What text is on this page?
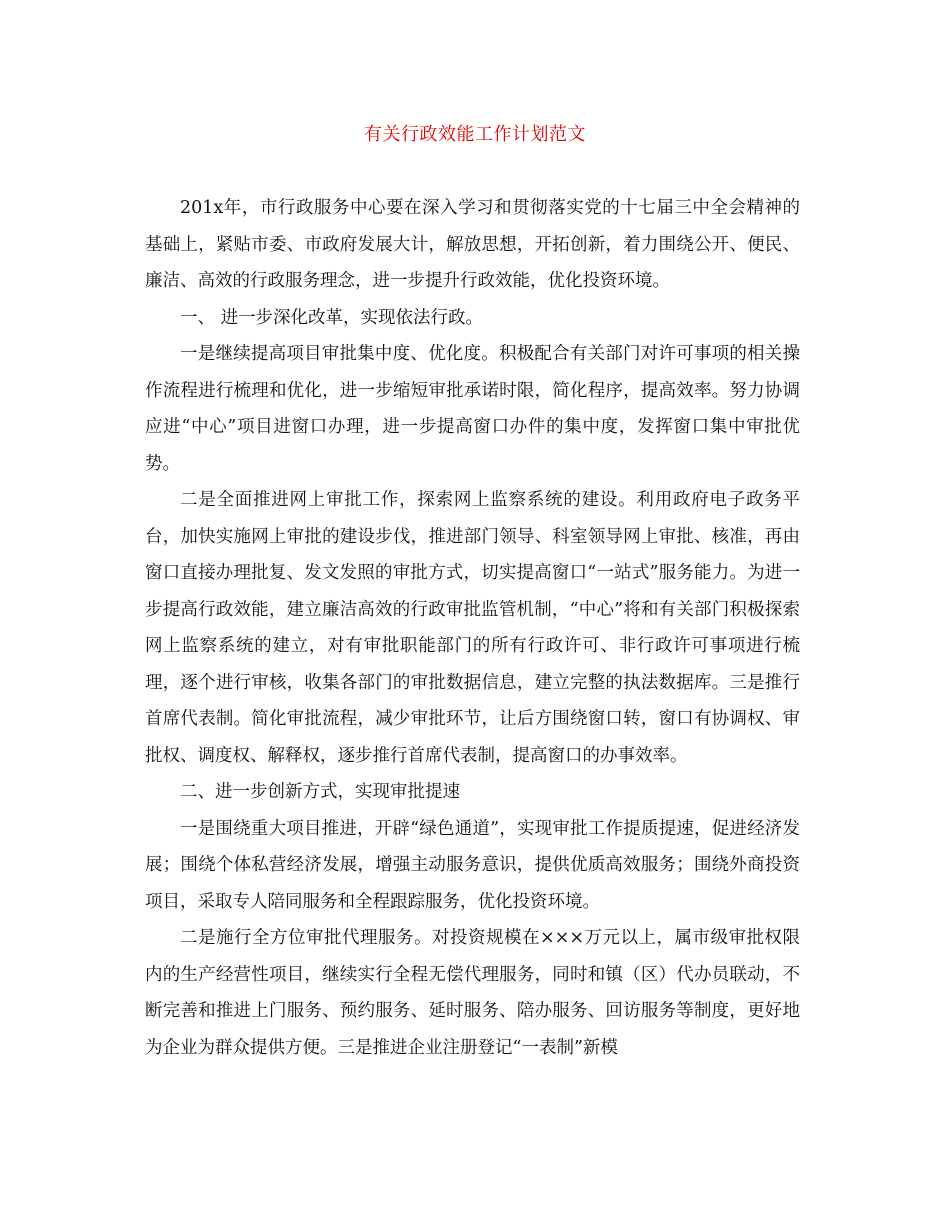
有关行政效能工作计划范文

201x年，市行政服务中心要在深入学习和贯彻落实党的十七届三中全会精神的基础上，紧贴市委、市政府发展大计，解放思想，开拓创新，着力围绕公开、便民、廉洁、高效的行政服务理念，进一步提升行政效能，优化投资环境。

一、 进一步深化改革，实现依法行政。

一是继续提高项目审批集中度、优化度。积极配合有关部门对许可事项的相关操作流程进行梳理和优化，进一步缩短审批承诺时限，简化程序，提高效率。努力协调应进“中心”项目进窗口办理，进一步提高窗口办件的集中度，发挥窗口集中审批优势。

二是全面推进网上审批工作，探索网上监察系统的建设。利用政府电子政务平台，加快实施网上审批的建设步伐，推进部门领导、科室领导网上审批、核准，再由窗口直接办理批复、发文发照的审批方式，切实提高窗口“一站式”服务能力。为进一步提高行政效能，建立廉洁高效的行政审批监管机制，“中心”将和有关部门积极探索网上监察系统的建立，对有审批职能部门的所有行政许可、非行政许可事项进行梳理，逐个进行审核，收集各部门的审批数据信息，建立完整的执法数据库。三是推行首席代表制。简化审批流程，减少审批环节，让后方围绕窗口转，窗口有协调权、审批权、调度权、解释权，逐步推行首席代表制，提高窗口的办事效率。

二、进一步创新方式，实现审批提速

一是围绕重大项目推进，开辟“绿色通道”，实现审批工作提质提速，促进经济发展；围绕个体私营经济发展，增强主动服务意识，提供优质高效服务；围绕外商投资项目，采取专人陪同服务和全程跟踪服务，优化投资环境。

二是施行全方位审批代理服务。对投资规模在×××万元以上，属市级审批权限内的生产经营性项目，继续实行全程无偿代理服务，同时和镇（区）代办员联动，不断完善和推进上门服务、预约服务、延时服务、陪办服务、回访服务等制度，更好地为企业为群众提供方便。三是推进企业注册登记“一表制”新模
